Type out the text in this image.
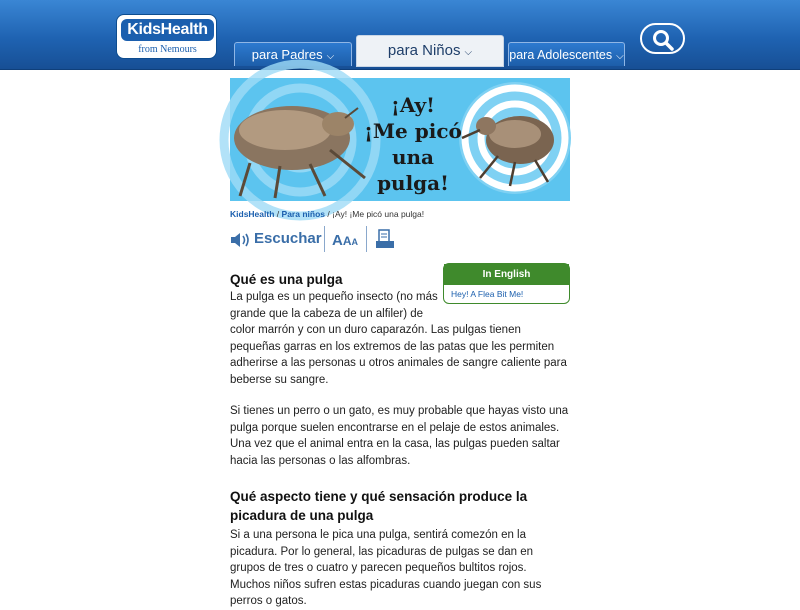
KidsHealth
from Nemours	para Padres ⌵	para Niños ⌵	para Adolescentes ⌵
¡Ay!
¡Me picó
una pulga!
KidsHealth / Para niños / ¡Ay! ¡Me picó una pulga!
Escuchar AAA
In English
Hey! A Flea Bit Me!
Qué es una pulga
La pulga es un pequeño insecto (no más grande que la cabeza de un alfiler) de
color marrón y con un duro caparazón. Las pulgas tienen pequeñas garras en los extremos de las patas que les permiten adherirse a las personas u otros animales de sangre caliente para beberse su sangre.
Si tienes un perro o un gato, es muy probable que hayas visto una pulga porque suelen encontrarse en el pelaje de estos animales. Una vez que el animal entra en la casa, las pulgas pueden saltar hacia las personas o las alfombras.
Qué aspecto tiene y qué sensación produce la picadura de una pulga
Si a una persona le pica una pulga, sentirá comezón en la picadura. Por lo general, las picaduras de pulgas se dan en grupos de tres o cuatro y parecen pequeños bultitos rojos. Muchos niños sufren estas picaduras cuando juegan con sus perros o gatos.
